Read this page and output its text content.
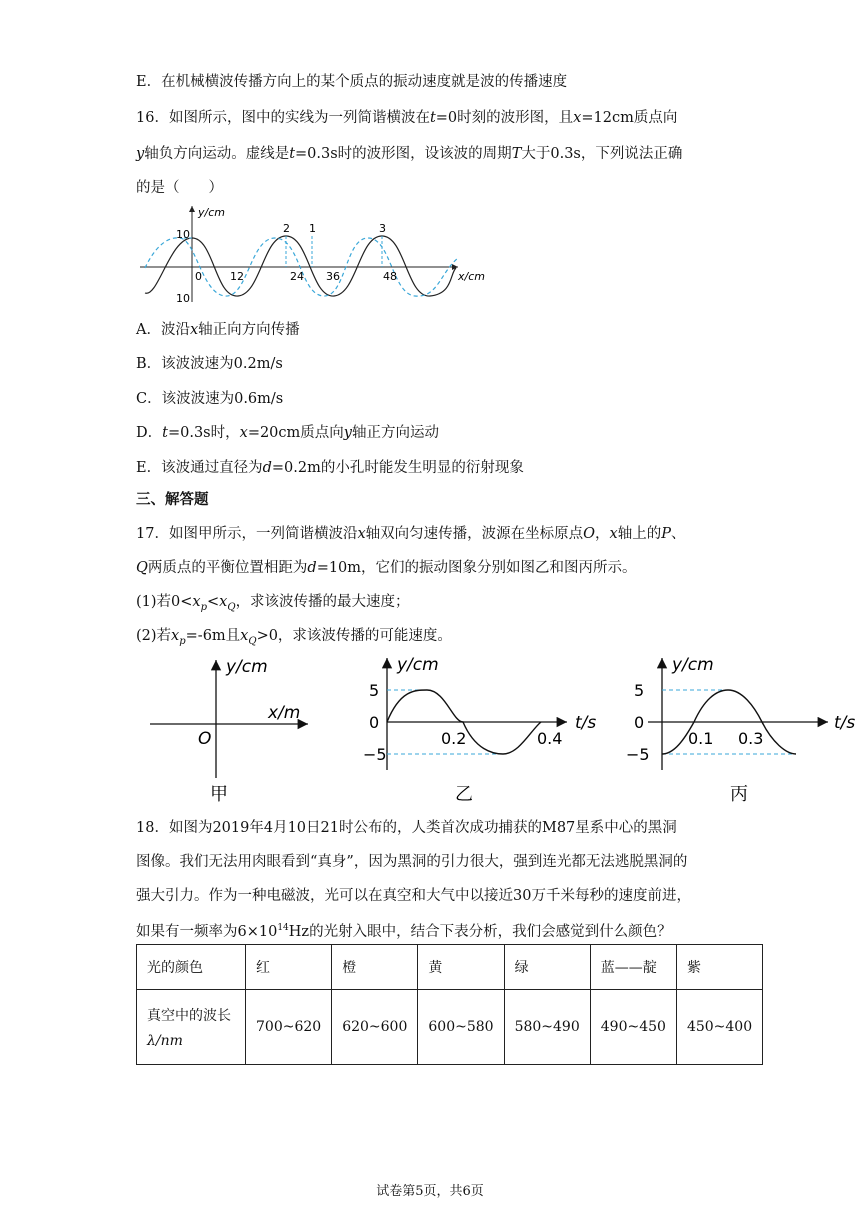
E．在机械横波传播方向上的某个质点的振动速度就是波的传播速度
16．如图所示，图中的实线为一列简谐横波在t=0时刻的波形图，且x=12cm质点向
y轴负方向运动。虚线是t=0.3s时的波形图，设该波的周期T大于0.3s，下列说法正确
的是（　　）
y/cm
x/cm
10
10
0	12	24 36	48
2 1	3
A．波沿x轴正向方向传播
B．该波波速为0.2m/s
C．该波波速为0.6m/s
D．t=0.3s时，x=20cm质点向y轴正方向运动
E．该波通过直径为d=0.2m的小孔时能发生明显的衍射现象
三、解答题
17．如图甲所示，一列简谐横波沿x轴双向匀速传播，波源在坐标原点O，x轴上的P、
Q两质点的平衡位置相距为d=10m，它们的振动图象分别如图乙和图丙所示。
(1)若$0<x_p<x_Q$，求该波传播的最大速度；
(2)若$x_p=-6m$且$x_Q>0$，求该波传播的可能速度。
y/cm
x/m
O
甲
y/cm
t/s
5
0
−5
0.2	0.4
乙
y/cm
t/s
5
0
−5
0.1 0.3
丙
18．如图为2019年4月10日21时公布的，人类首次成功捕获的M87星系中心的黑洞
图像。我们无法用肉眼看到“真身”，因为黑洞的引力很大，强到连光都无法逃脱黑洞的
强大引力。作为一种电磁波，光可以在真空和大气中以接近30万千米每秒的速度前进，
如果有一频率为$6\times 10^{14}Hz$的光射入眼中，结合下表分析，我们会感觉到什么颜色？
光的颜色	红	橙	黄	绿	蓝——靛	紫

真空中的波长
λ/nm	700~620	620~600	600~580	580~490	490~450	450~400
试卷第5页，共6页
